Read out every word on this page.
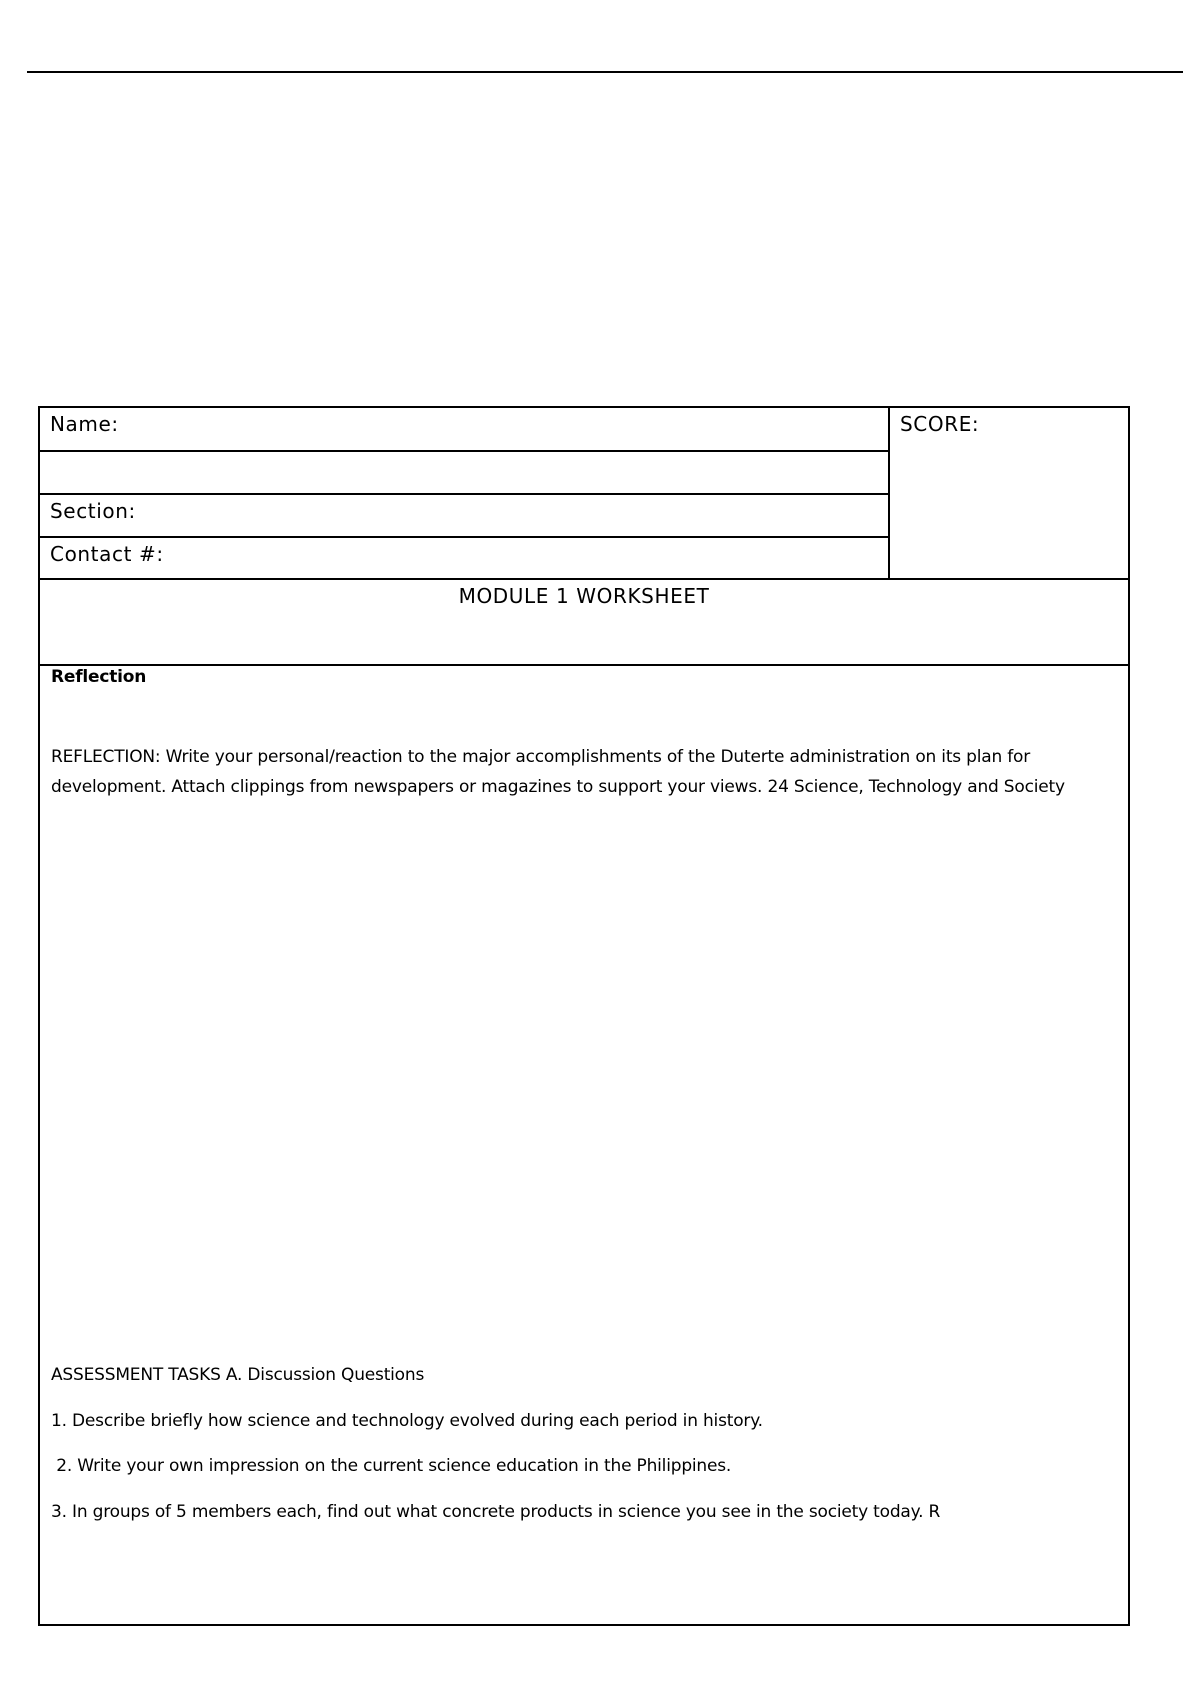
Name:	SCORE:
Section:
Contact #:
MODULE 1 WORKSHEET
Reflection

REFLECTION: Write your personal/reaction to the major accomplishments of the Duterte administration on its plan for development. Attach clippings from newspapers or magazines to support your views. 24 Science, Technology and Society

ASSESSMENT TASKS A. Discussion Questions

1. Describe briefly how science and technology evolved during each period in history.

2. Write your own impression on the current science education in the Philippines.

3. In groups of 5 members each, find out what concrete products in science you see in the society today. R
